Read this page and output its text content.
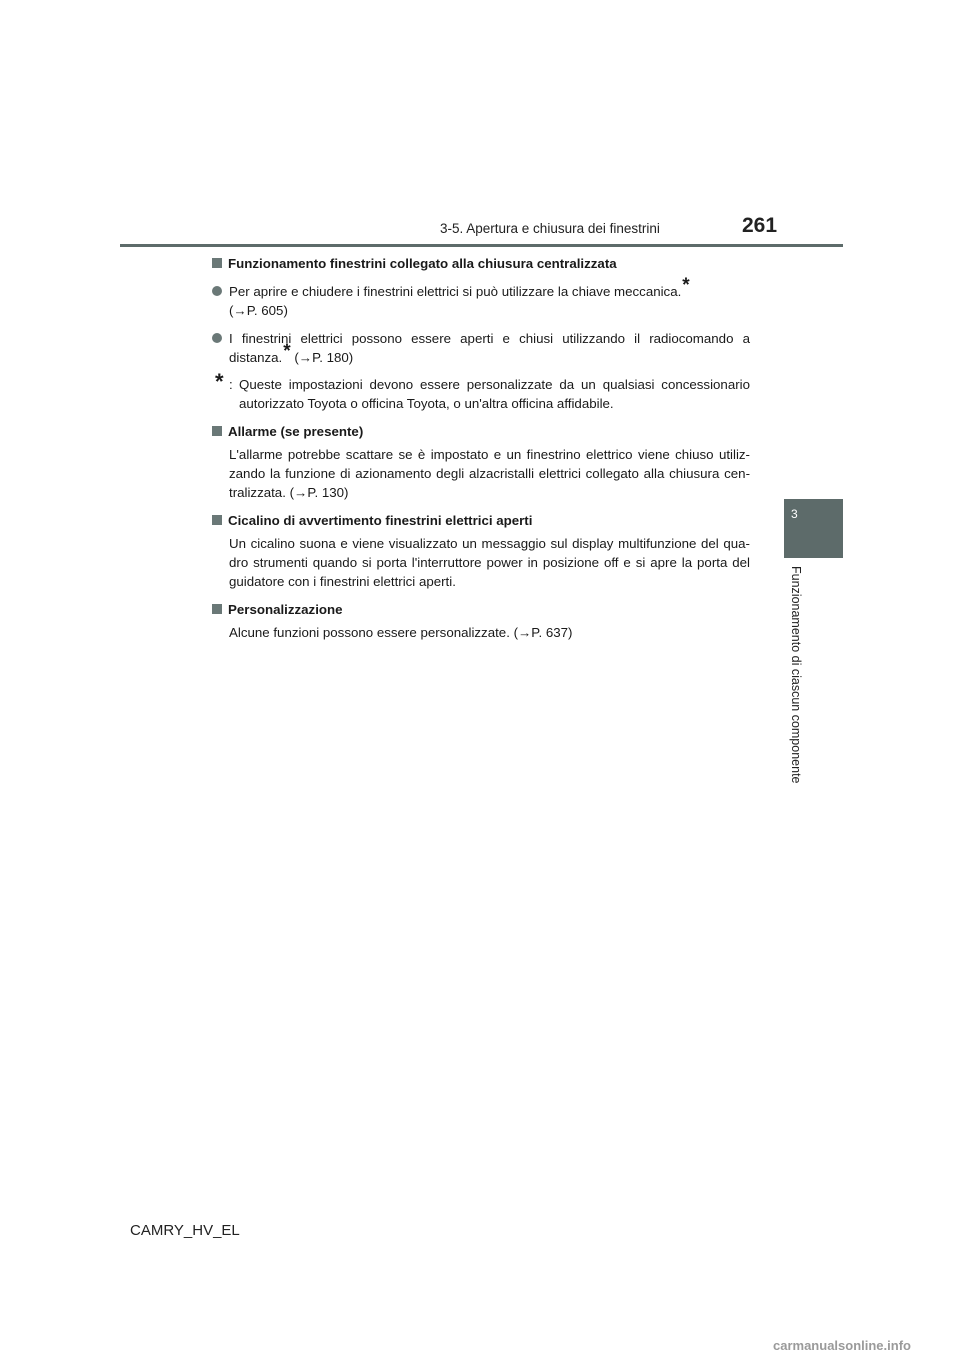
3-5. Apertura e chiusura dei finestrini	261
3
Funzionamento di ciascun componente
Funzionamento finestrini collegato alla chiusura centralizzata
Per aprire e chiudere i finestrini elettrici si può utilizzare la chiave meccanica.*
(→P. 605)
I finestrini elettrici possono essere aperti e chiusi utilizzando il radiocomando a distanza.* (→P. 180)
* : Queste impostazioni devono essere personalizzate da un qualsiasi concessionario autorizzato Toyota o officina Toyota, o un'altra officina affidabile.
Allarme (se presente)
L'allarme potrebbe scattare se è impostato e un finestrino elettrico viene chiuso utiliz-zando la funzione di azionamento degli alzacristalli elettrici collegato alla chiusura cen-tralizzata. (→P. 130)
Cicalino di avvertimento finestrini elettrici aperti
Un cicalino suona e viene visualizzato un messaggio sul display multifunzione del qua-dro strumenti quando si porta l'interruttore power in posizione off e si apre la porta del guidatore con i finestrini elettrici aperti.
Personalizzazione
Alcune funzioni possono essere personalizzate. (→P. 637)
CAMRY_HV_EL
carmanualsonline.info
